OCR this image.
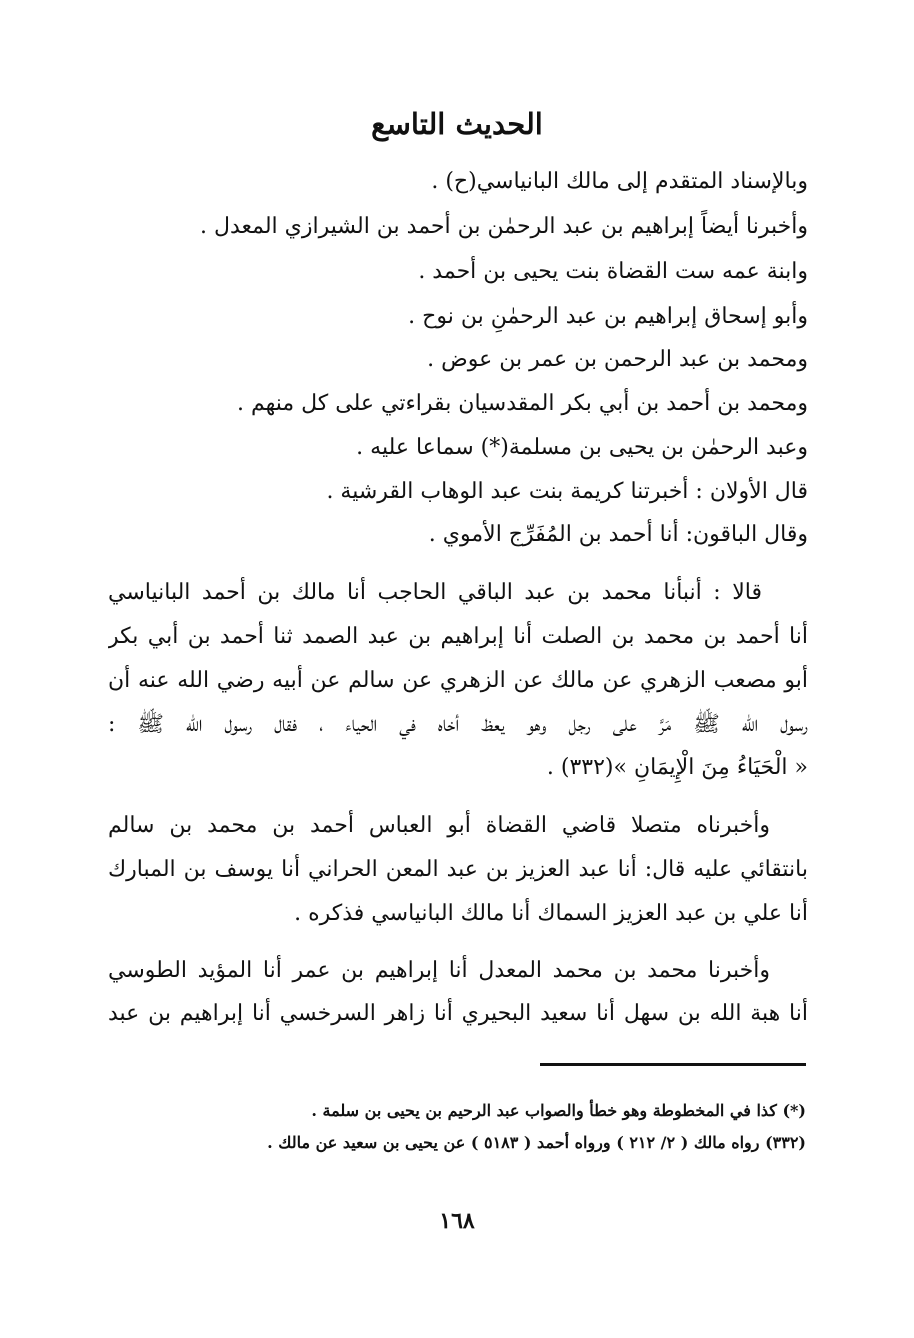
الحديث التاسع
وبالإسناد المتقدم إلى مالك البانياسي(ح) .
وأخبرنا أيضاً إبراهيم بن عبد الرحمٰن بن أحمد بن الشيرازي المعدل .
وابنة عمه ست القضاة بنت يحيى بن أحمد .
وأبو إسحاق إبراهيم بن عبد الرحمٰنِ بن نوح .
ومحمد بن عبد الرحمن بن عمر بن عوض .
ومحمد بن أحمد بن أبي بكر المقدسيان بقراءتي على كل منهم .
وعبد الرحمٰن بن يحيى بن مسلمة(*) سماعا عليه .
قال الأولان : أخبرتنا كريمة بنت عبد الوهاب القرشية .
وقال الباقون: أنا أحمد بن المُفَرِّج الأموي .
قالا : أنبأنا محمد بن عبد الباقي الحاجب أنا مالك بن أحمد البانياسي
أنا أحمد بن محمد بن الصلت أنا إبراهيم بن عبد الصمد ثنا أحمد بن أبي بكر
أبو مصعب الزهري عن مالك عن الزهري عن سالم عن أبيه رضي الله عنه أن
رسول الله ﷺ مَرَّ على رجل وهو يعظ أخاه في الحياء ، فقال رسول الله ﷺ :
« الْحَيَاءُ مِنَ الْإِيمَانِ »(٣٣٢) .
وأخبرناه متصلا قاضي القضاة أبو العباس أحمد بن محمد بن سالم
بانتقائي عليه قال: أنا عبد العزيز بن عبد المعن الحراني أنا يوسف بن المبارك
أنا علي بن عبد العزيز السماك أنا مالك البانياسي فذكره .
وأخبرنا محمد بن محمد المعدل أنا إبراهيم بن عمر أنا المؤيد الطوسي
أنا هبة الله بن سهل أنا سعيد البحيري أنا زاهر السرخسي أنا إبراهيم بن عبد
(*) كذا في المخطوطة وهو خطأ والصواب عبد الرحيم بن يحيى بن سلمة .
(٣٣٢) رواه مالك ( ٢/ ٢١٢ ) ورواه أحمد ( ٥١٨٣ ) عن يحيى بن سعيد عن مالك .
١٦٨
